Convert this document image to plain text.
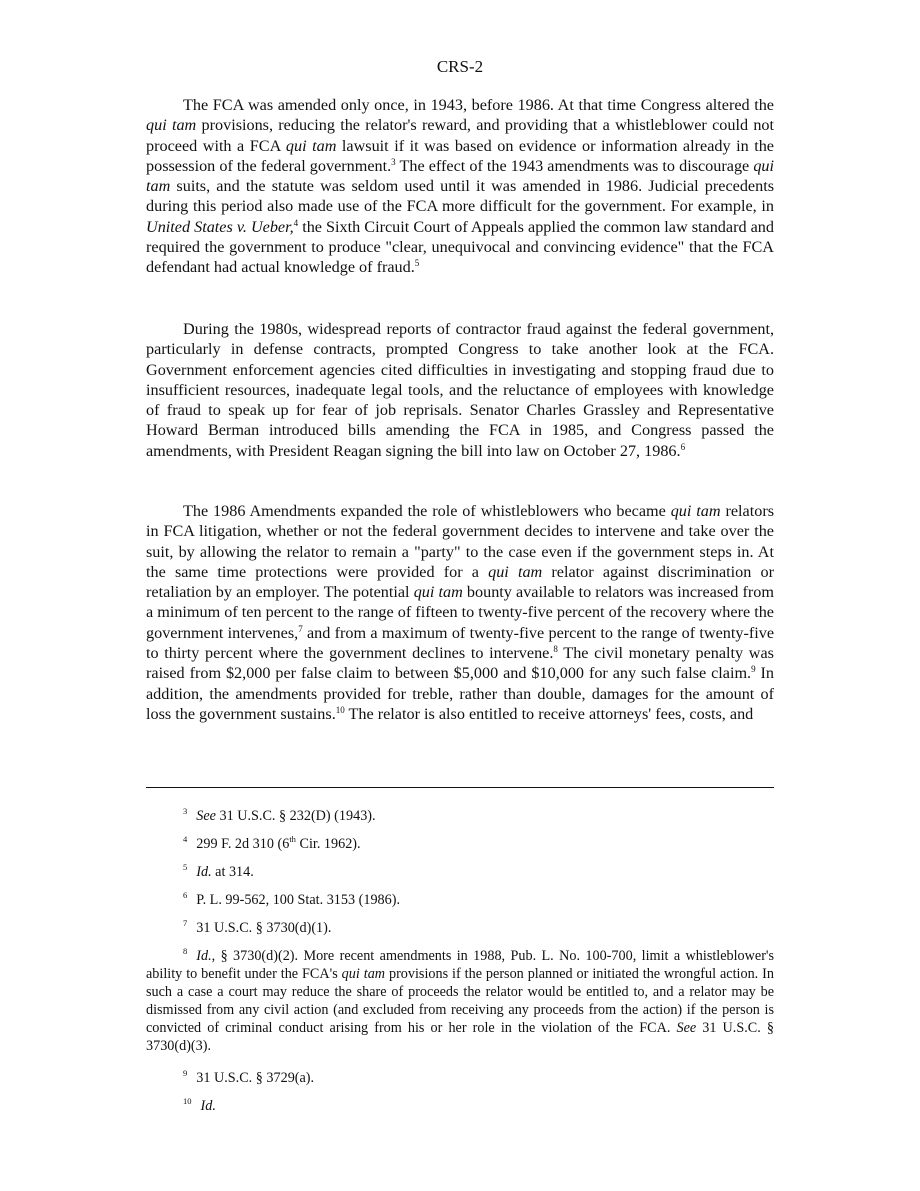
CRS-2

The FCA was amended only once, in 1943, before 1986. At that time Congress altered the qui tam provisions, reducing the relator's reward, and providing that a whistleblower could not proceed with a FCA qui tam lawsuit if it was based on evidence or information already in the possession of the federal government.$^3$ The effect of the 1943 amendments was to discourage qui tam suits, and the statute was seldom used until it was amended in 1986. Judicial precedents during this period also made use of the FCA more difficult for the government. For example, in United States v. Ueber,$^4$ the Sixth Circuit Court of Appeals applied the common law standard and required the government to produce "clear, unequivocal and convincing evidence" that the FCA defendant had actual knowledge of fraud.$^5$

During the 1980s, widespread reports of contractor fraud against the federal government, particularly in defense contracts, prompted Congress to take another look at the FCA. Government enforcement agencies cited difficulties in investigating and stopping fraud due to insufficient resources, inadequate legal tools, and the reluctance of employees with knowledge of fraud to speak up for fear of job reprisals. Senator Charles Grassley and Representative Howard Berman introduced bills amending the FCA in 1985, and Congress passed the amendments, with President Reagan signing the bill into law on October 27, 1986.$^6$

The 1986 Amendments expanded the role of whistleblowers who became qui tam relators in FCA litigation, whether or not the federal government decides to intervene and take over the suit, by allowing the relator to remain a "party" to the case even if the government steps in. At the same time protections were provided for a qui tam relator against discrimination or retaliation by an employer. The potential qui tam bounty available to relators was increased from a minimum of ten percent to the range of fifteen to twenty-five percent of the recovery where the government intervenes,$^7$ and from a maximum of twenty-five percent to the range of twenty-five to thirty percent where the government declines to intervene.$^8$ The civil monetary penalty was raised from $2,000 per false claim to between $5,000 and $10,000 for any such false claim.$^9$ In addition, the amendments provided for treble, rather than double, damages for the amount of loss the government sustains.$^{10}$ The relator is also entitled to receive attorneys' fees, costs, and

$^3$ See 31 U.S.C. § 232(D) (1943).

$^4$ 299 F. 2d 310 (6th Cir. 1962).

$^5$ Id. at 314.

$^6$ P. L. 99-562, 100 Stat. 3153 (1986).

$^7$ 31 U.S.C. § 3730(d)(1).

$^8$ Id., § 3730(d)(2). More recent amendments in 1988, Pub. L. No. 100-700, limit a whistleblower's ability to benefit under the FCA's qui tam provisions if the person planned or initiated the wrongful action. In such a case a court may reduce the share of proceeds the relator would be entitled to, and a relator may be dismissed from any civil action (and excluded from receiving any proceeds from the action) if the person is convicted of criminal conduct arising from his or her role in the violation of the FCA. See 31 U.S.C. § 3730(d)(3).

$^9$ 31 U.S.C. § 3729(a).

$^{10}$ Id.
